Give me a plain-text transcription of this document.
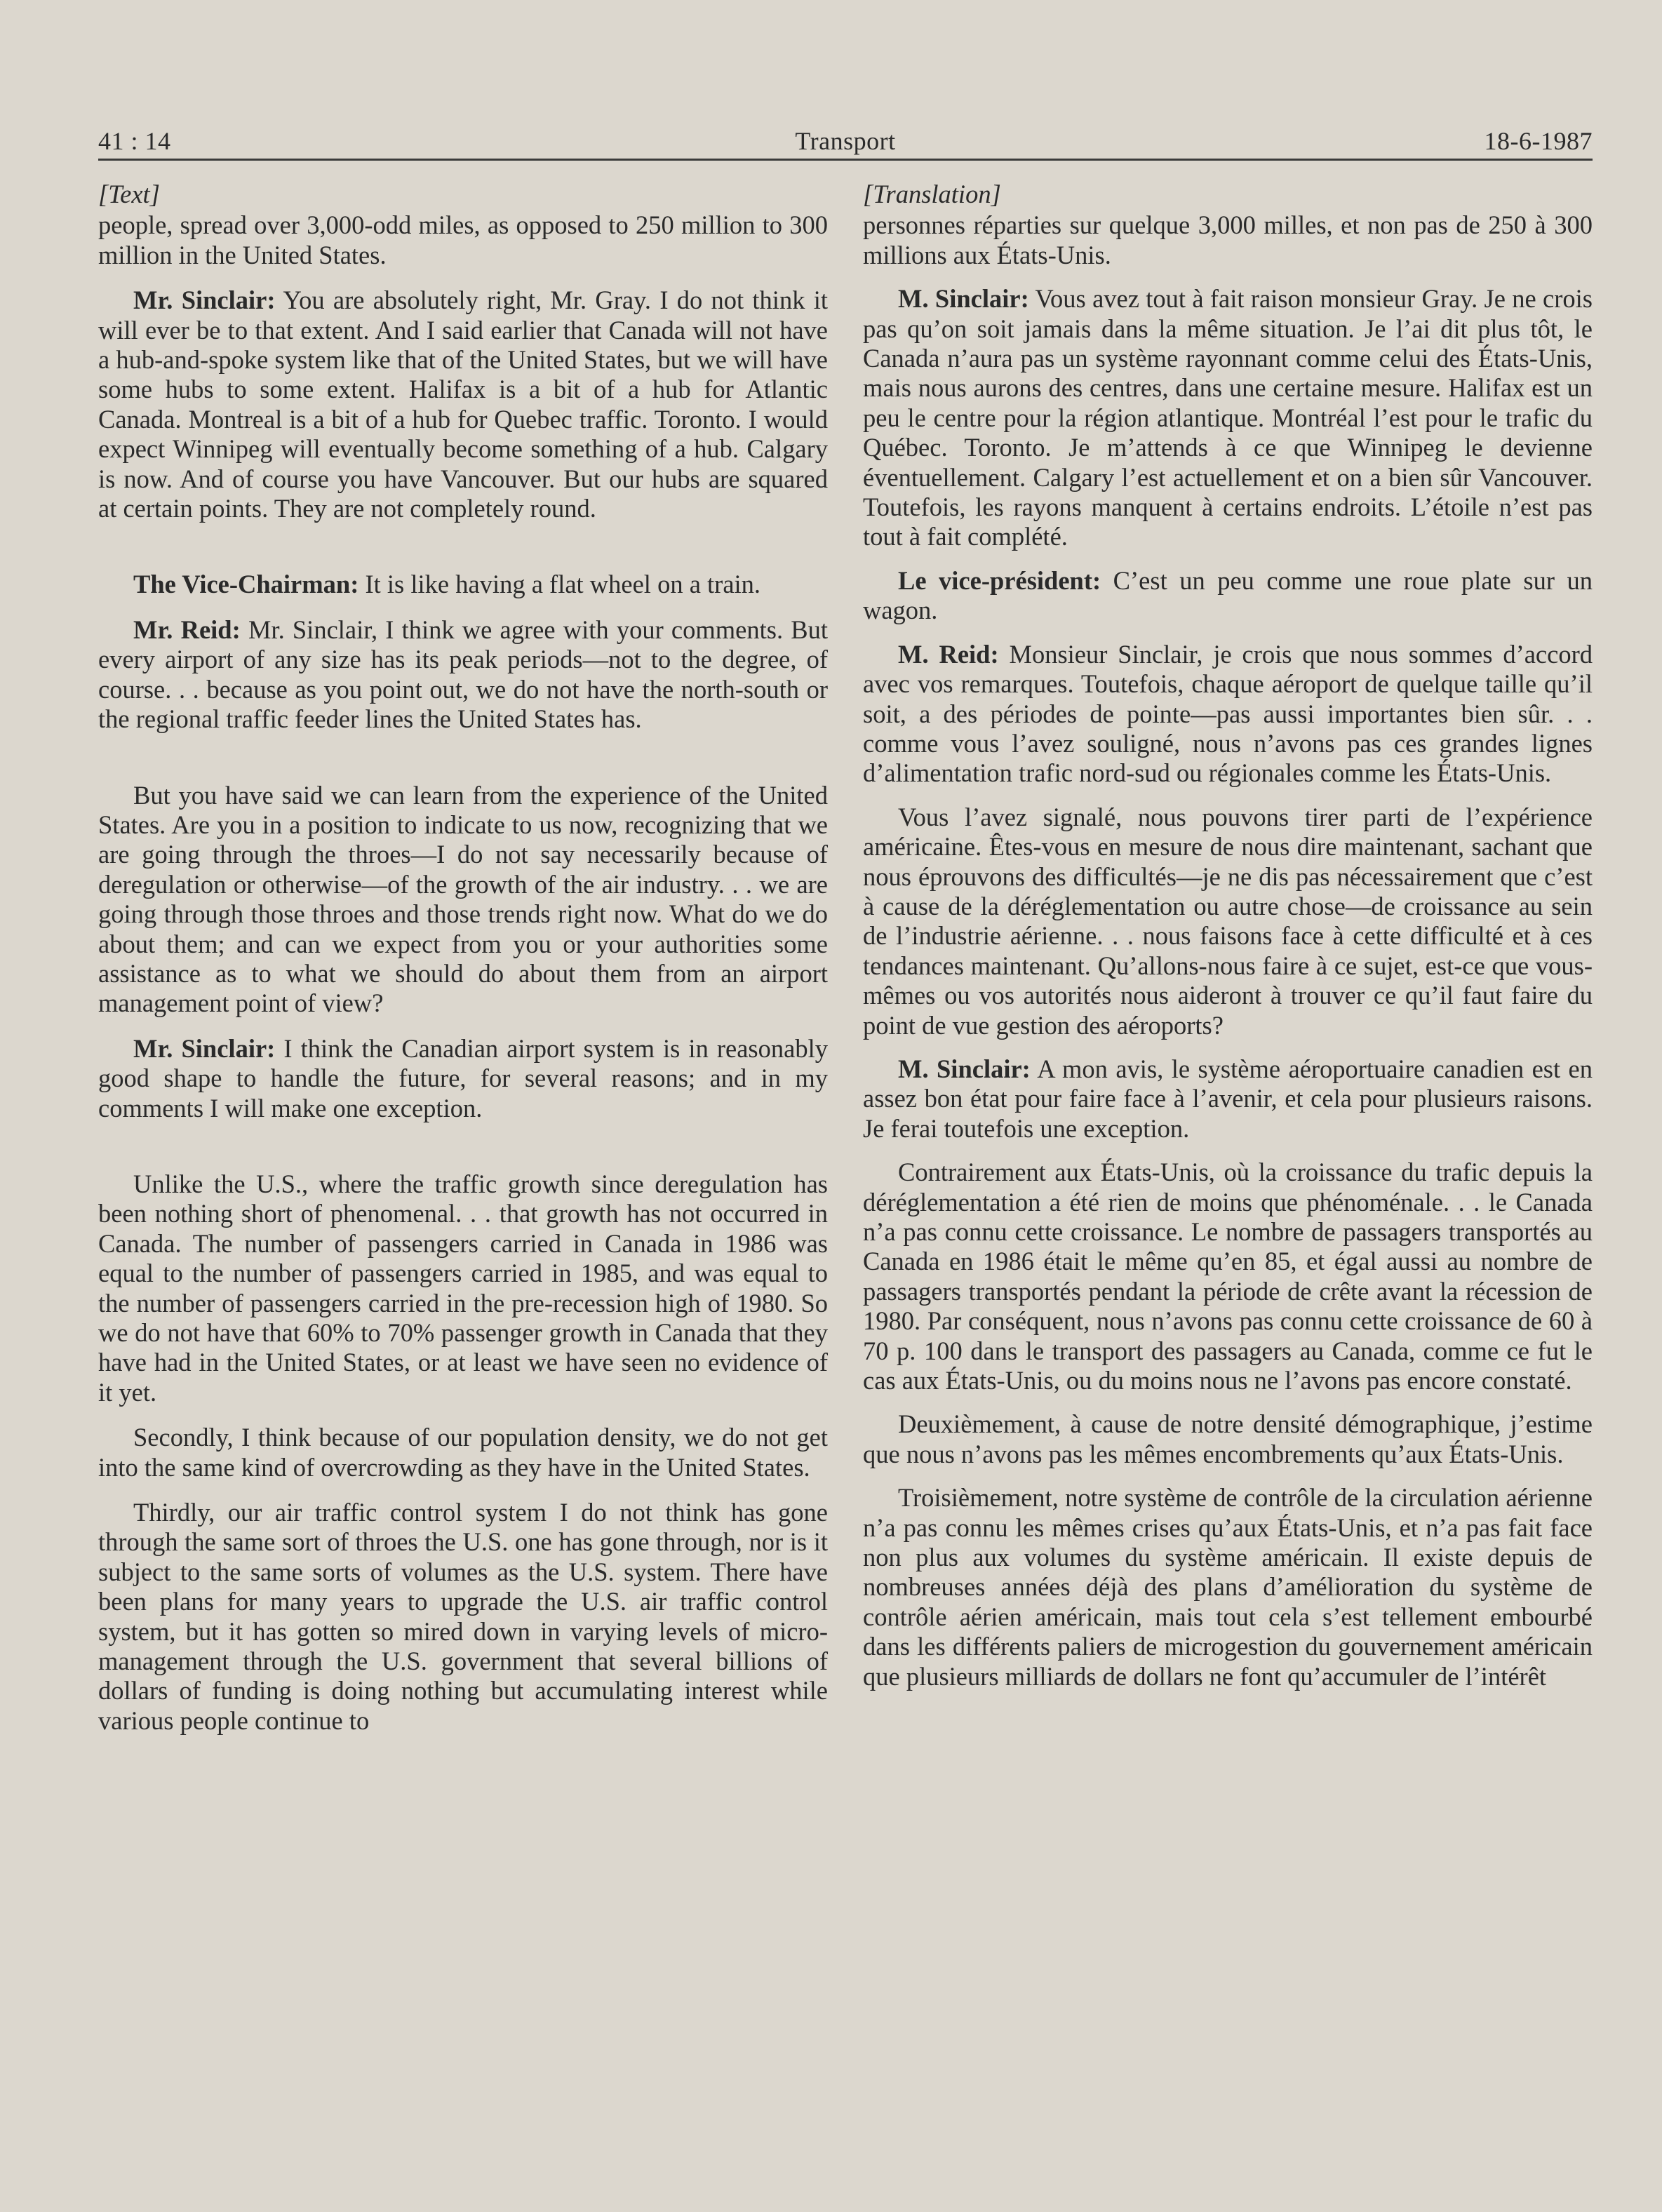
41 : 14	Transport	18-6-1987
[Text]

people, spread over 3,000-odd miles, as opposed to 250 million to 300 million in the United States.

Mr. Sinclair: You are absolutely right, Mr. Gray. I do not think it will ever be to that extent. And I said earlier that Canada will not have a hub-and-spoke system like that of the United States, but we will have some hubs to some extent. Halifax is a bit of a hub for Atlantic Canada. Montreal is a bit of a hub for Quebec traffic. Toronto. I would expect Winnipeg will eventually become something of a hub. Calgary is now. And of course you have Vancouver. But our hubs are squared at certain points. They are not completely round.

The Vice-Chairman: It is like having a flat wheel on a train.

Mr. Reid: Mr. Sinclair, I think we agree with your comments. But every airport of any size has its peak periods—not to the degree, of course. . . because as you point out, we do not have the north-south or the regional traffic feeder lines the United States has.

But you have said we can learn from the experience of the United States. Are you in a position to indicate to us now, recognizing that we are going through the throes—I do not say necessarily because of deregulation or otherwise—of the growth of the air industry. . . we are going through those throes and those trends right now. What do we do about them; and can we expect from you or your authorities some assistance as to what we should do about them from an airport management point of view?

Mr. Sinclair: I think the Canadian airport system is in reasonably good shape to handle the future, for several reasons; and in my comments I will make one exception.

Unlike the U.S., where the traffic growth since deregulation has been nothing short of phenomenal. . . that growth has not occurred in Canada. The number of passengers carried in Canada in 1986 was equal to the number of passengers carried in 1985, and was equal to the number of passengers carried in the pre-recession high of 1980. So we do not have that 60% to 70% passenger growth in Canada that they have had in the United States, or at least we have seen no evidence of it yet.

Secondly, I think because of our population density, we do not get into the same kind of overcrowding as they have in the United States.

Thirdly, our air traffic control system I do not think has gone through the same sort of throes the U.S. one has gone through, nor is it subject to the same sorts of volumes as the U.S. system. There have been plans for many years to upgrade the U.S. air traffic control system, but it has gotten so mired down in varying levels of micro-management through the U.S. government that several billions of dollars of funding is doing nothing but accumulating interest while various people continue to

[Translation]

personnes réparties sur quelque 3,000 milles, et non pas de 250 à 300 millions aux États-Unis.

M. Sinclair: Vous avez tout à fait raison monsieur Gray. Je ne crois pas qu’on soit jamais dans la même situation. Je l’ai dit plus tôt, le Canada n’aura pas un système rayonnant comme celui des États-Unis, mais nous aurons des centres, dans une certaine mesure. Halifax est un peu le centre pour la région atlantique. Montréal l’est pour le trafic du Québec. Toronto. Je m’attends à ce que Winnipeg le devienne éventuellement. Calgary l’est actuellement et on a bien sûr Vancouver. Toutefois, les rayons manquent à certains endroits. L’étoile n’est pas tout à fait complété.

Le vice-président: C’est un peu comme une roue plate sur un wagon.

M. Reid: Monsieur Sinclair, je crois que nous sommes d’accord avec vos remarques. Toutefois, chaque aéroport de quelque taille qu’il soit, a des périodes de pointe—pas aussi importantes bien sûr. . . comme vous l’avez souligné, nous n’avons pas ces grandes lignes d’alimentation trafic nord-sud ou régionales comme les États-Unis.

Vous l’avez signalé, nous pouvons tirer parti de l’expérience américaine. Êtes-vous en mesure de nous dire maintenant, sachant que nous éprouvons des difficultés—je ne dis pas nécessairement que c’est à cause de la déréglementation ou autre chose—de croissance au sein de l’industrie aérienne. . . nous faisons face à cette difficulté et à ces tendances maintenant. Qu’allons-nous faire à ce sujet, est-ce que vous-mêmes ou vos autorités nous aideront à trouver ce qu’il faut faire du point de vue gestion des aéroports?

M. Sinclair: A mon avis, le système aéroportuaire canadien est en assez bon état pour faire face à l’avenir, et cela pour plusieurs raisons. Je ferai toutefois une exception.

Contrairement aux États-Unis, où la croissance du trafic depuis la déréglementation a été rien de moins que phénoménale. . . le Canada n’a pas connu cette croissance. Le nombre de passagers transportés au Canada en 1986 était le même qu’en 85, et égal aussi au nombre de passagers transportés pendant la période de crête avant la récession de 1980. Par conséquent, nous n’avons pas connu cette croissance de 60 à 70 p. 100 dans le transport des passagers au Canada, comme ce fut le cas aux États-Unis, ou du moins nous ne l’avons pas encore constaté.

Deuxièmement, à cause de notre densité démographique, j’estime que nous n’avons pas les mêmes encombrements qu’aux États-Unis.

Troisièmement, notre système de contrôle de la circulation aérienne n’a pas connu les mêmes crises qu’aux États-Unis, et n’a pas fait face non plus aux volumes du système américain. Il existe depuis de nombreuses années déjà des plans d’amélioration du système de contrôle aérien américain, mais tout cela s’est tellement embourbé dans les différents paliers de microgestion du gouvernement américain que plusieurs milliards de dollars ne font qu’accumuler de l’intérêt
